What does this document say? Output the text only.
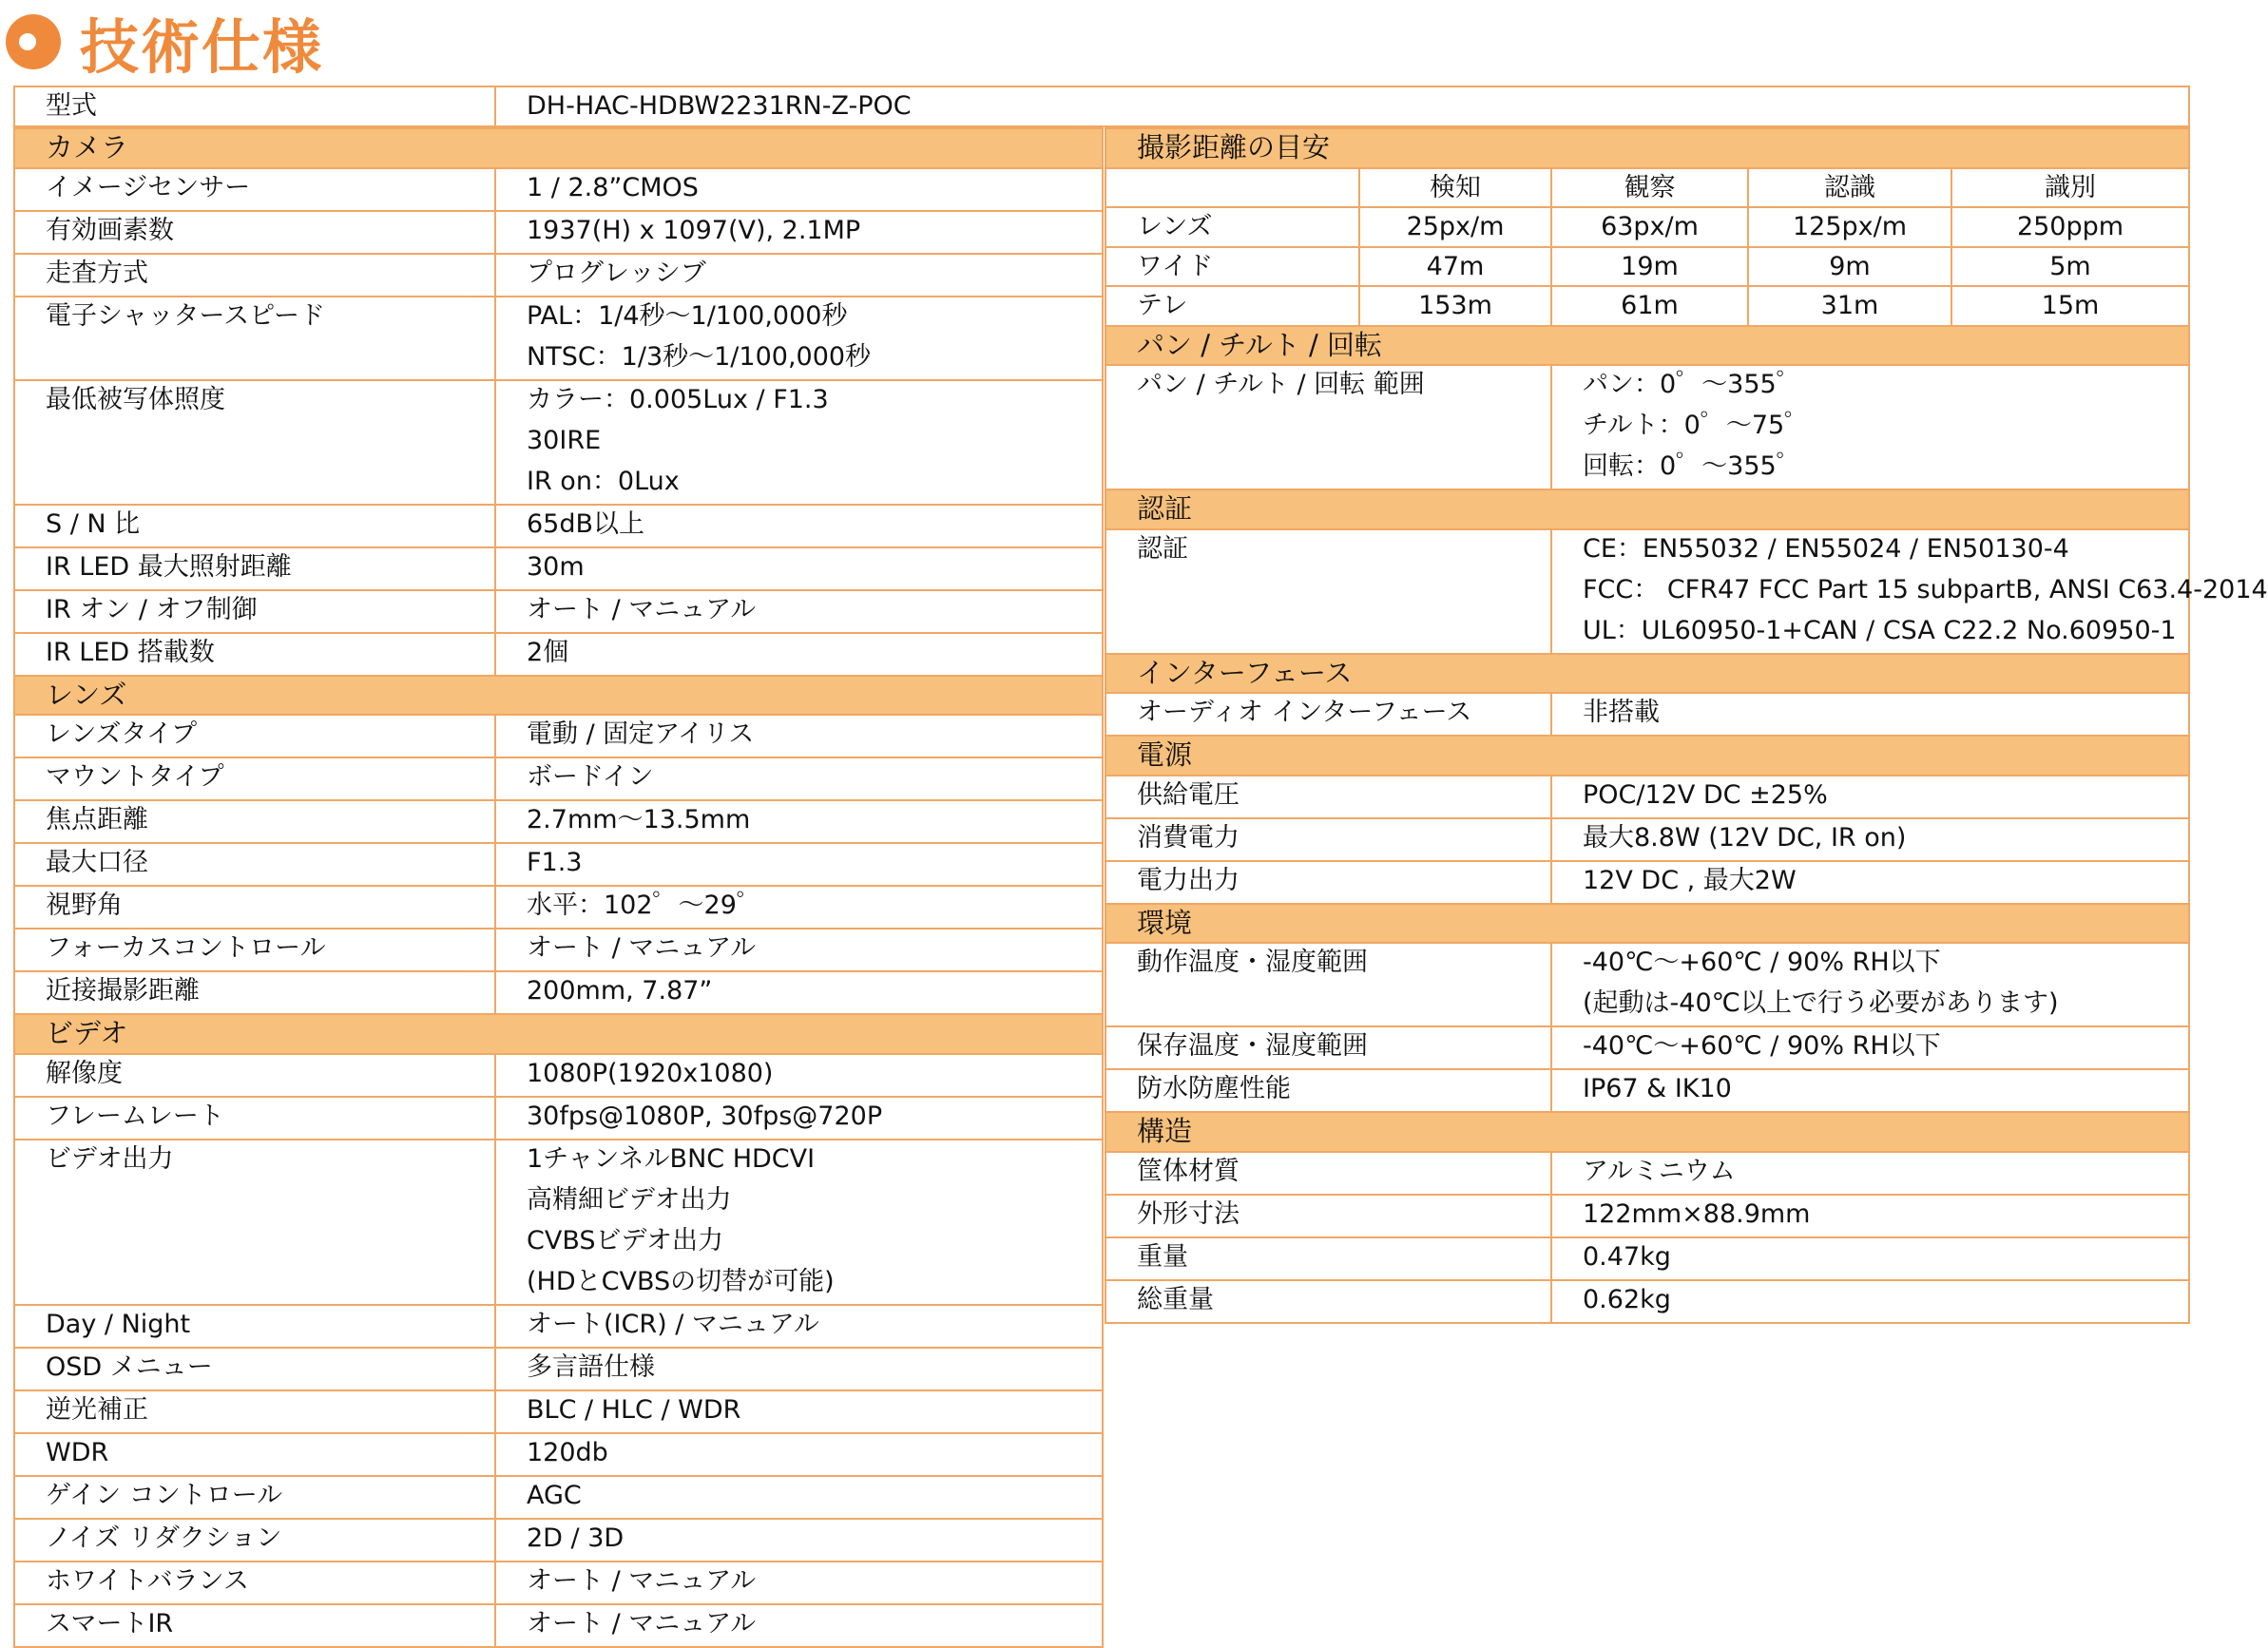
技術仕様
型式	DH-HAC-HDBW2231RN-Z-POC
カメラ	
イメージセンサー	1 / 2.8”CMOS

有効画素数	1937(H) x 1097(V), 2.1MP

走査方式	プログレッシブ

電子シャッタースピード	PAL：1/4秒～1/100,000秒
NTSC：1/3秒～1/100,000秒

最低被写体照度	カラー：0.005Lux / F1.3
30IRE
IR on：0Lux

S / N 比	65dB以上

IR LED 最大照射距離	30m

IR オン / オフ制御	オート / マニュアル

IR LED 搭載数	2個

レンズ	
レンズタイプ	電動 / 固定アイリス

マウントタイプ	ボードイン

焦点距離	2.7mm～13.5mm

最大口径	F1.3

視野角	水平：102゜～29゜

フォーカスコントロール	オート / マニュアル

近接撮影距離	200mm, 7.87”

ビデオ	
解像度	1080P(1920x1080)

フレームレート	30fps@1080P, 30fps@720P

ビデオ出力	1チャンネルBNC HDCVI
高精細ビデオ出力
CVBSビデオ出力
(HDとCVBSの切替が可能)

Day / Night	オート(ICR) / マニュアル

OSD メニュー	多言語仕様

逆光補正	BLC / HLC / WDR

WDR	120db

ゲイン コントロール	AGC

ノイズ リダクション	2D / 3D

ホワイトバランス	オート / マニュアル

スマートIR	オート / マニュアル
撮影距離の目安				
	検知	観察	認識	識別
レンズ	25px/m	63px/m	125px/m	250ppm
ワイド	47m	19m	9m	5m
テレ	153m	61m	31m	15m
パン / チルト / 回転				
パン / チルト / 回転 範囲		パン：0゜～355゜
チルト：0゜～75゜
回転：0゜～355゜		

認証				
認証		CE：EN55032 / EN55024 / EN50130-4
FCC： CFR47 FCC Part 15 subpartB, ANSI C63.4-2014
UL：UL60950-1+CAN / CSA C22.2 No.60950-1		

インターフェース				
オーディオ インターフェース		非搭載		

電源				
供給電圧		POC/12V DC ±25%		

消費電力		最大8.8W (12V DC, IR on)		

電力出力		12V DC , 最大2W		

環境				
動作温度・湿度範囲		-40℃～+60℃ / 90% RH以下
(起動は-40℃以上で行う必要があります)		

保存温度・湿度範囲		-40℃～+60℃ / 90% RH以下		

防水防塵性能		IP67 & IK10		

構造				
筐体材質		アルミニウム		

外形寸法		122mm×88.9mm		

重量		0.47kg		

総重量		0.62kg		
